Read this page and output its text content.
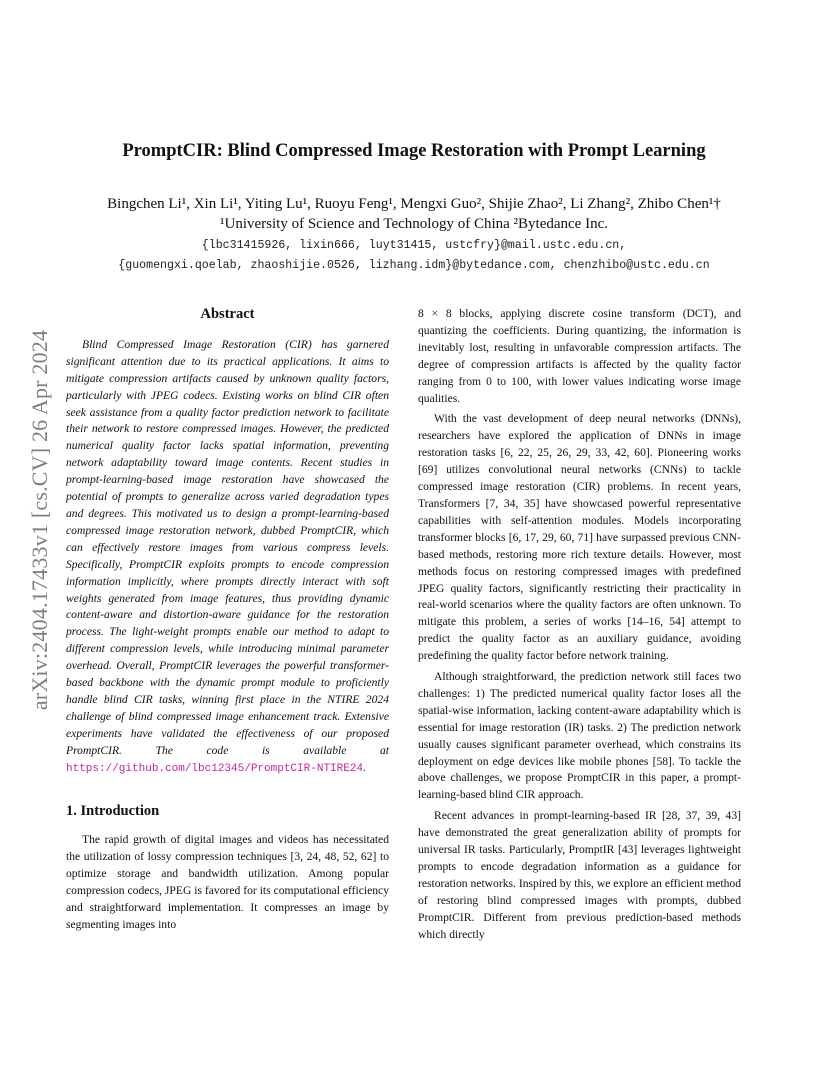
arXiv:2404.17433v1 [cs.CV] 26 Apr 2024
PromptCIR: Blind Compressed Image Restoration with Prompt Learning
Bingchen Li¹, Xin Li¹, Yiting Lu¹, Ruoyu Feng¹, Mengxi Guo², Shijie Zhao², Li Zhang², Zhibo Chen¹†
¹University of Science and Technology of China ²Bytedance Inc.
{lbc31415926, lixin666, luyt31415, ustcfry}@mail.ustc.edu.cn,
{guomengxi.qoelab, zhaoshijie.0526, lizhang.idm}@bytedance.com, chenzhibo@ustc.edu.cn
Abstract

Blind Compressed Image Restoration (CIR) has garnered significant attention due to its practical applications. It aims to mitigate compression artifacts caused by unknown quality factors, particularly with JPEG codecs. Existing works on blind CIR often seek assistance from a quality factor prediction network to facilitate their network to restore compressed images. However, the predicted numerical quality factor lacks spatial information, preventing network adaptability toward image contents. Recent studies in prompt-learning-based image restoration have showcased the potential of prompts to generalize across varied degradation types and degrees. This motivated us to design a prompt-learning-based compressed image restoration network, dubbed PromptCIR, which can effectively restore images from various compress levels. Specifically, PromptCIR exploits prompts to encode compression information implicitly, where prompts directly interact with soft weights generated from image features, thus providing dynamic content-aware and distortion-aware guidance for the restoration process. The light-weight prompts enable our method to adapt to different compression levels, while introducing minimal parameter overhead. Overall, PromptCIR leverages the powerful transformer-based backbone with the dynamic prompt module to proficiently handle blind CIR tasks, winning first place in the NTIRE 2024 challenge of blind compressed image enhancement track. Extensive experiments have validated the effectiveness of our proposed PromptCIR. The code is available at https://github.com/lbc12345/PromptCIR-NTIRE24.

1. Introduction

The rapid growth of digital images and videos has necessitated the utilization of lossy compression techniques [3, 24, 48, 52, 62] to optimize storage and bandwidth utilization. Among popular compression codecs, JPEG is favored for its computational efficiency and straightforward implementation. It compresses an image by segmenting images into

8 × 8 blocks, applying discrete cosine transform (DCT), and quantizing the coefficients. During quantizing, the information is inevitably lost, resulting in unfavorable compression artifacts. The degree of compression artifacts is affected by the quality factor ranging from 0 to 100, with lower values indicating worse image qualities.

With the vast development of deep neural networks (DNNs), researchers have explored the application of DNNs in image restoration tasks [6, 22, 25, 26, 29, 33, 42, 60]. Pioneering works [69] utilizes convolutional neural networks (CNNs) to tackle compressed image restoration (CIR) problems. In recent years, Transformers [7, 34, 35] have showcased powerful representative capabilities with self-attention modules. Models incorporating transformer blocks [6, 17, 29, 60, 71] have surpassed previous CNN-based methods, restoring more rich texture details. However, most methods focus on restoring compressed images with predefined JPEG quality factors, significantly restricting their practicality in real-world scenarios where the quality factors are often unknown. To mitigate this problem, a series of works [14–16, 54] attempt to predict the quality factor as an auxiliary guidance, avoiding predefining the quality factor before network training.

Although straightforward, the prediction network still faces two challenges: 1) The predicted numerical quality factor loses all the spatial-wise information, lacking content-aware adaptability which is essential for image restoration (IR) tasks. 2) The prediction network usually causes significant parameter overhead, which constrains its deployment on edge devices like mobile phones [58]. To tackle the above challenges, we propose PromptCIR in this paper, a prompt-learning-based blind CIR approach.

Recent advances in prompt-learning-based IR [28, 37, 39, 43] have demonstrated the great generalization ability of prompts for universal IR tasks. Particularly, PromptIR [43] leverages lightweight prompts to encode degradation information as a guidance for restoration networks. Inspired by this, we explore an efficient method of restoring blind compressed images with prompts, dubbed PromptCIR. Different from previous prediction-based methods which directly
